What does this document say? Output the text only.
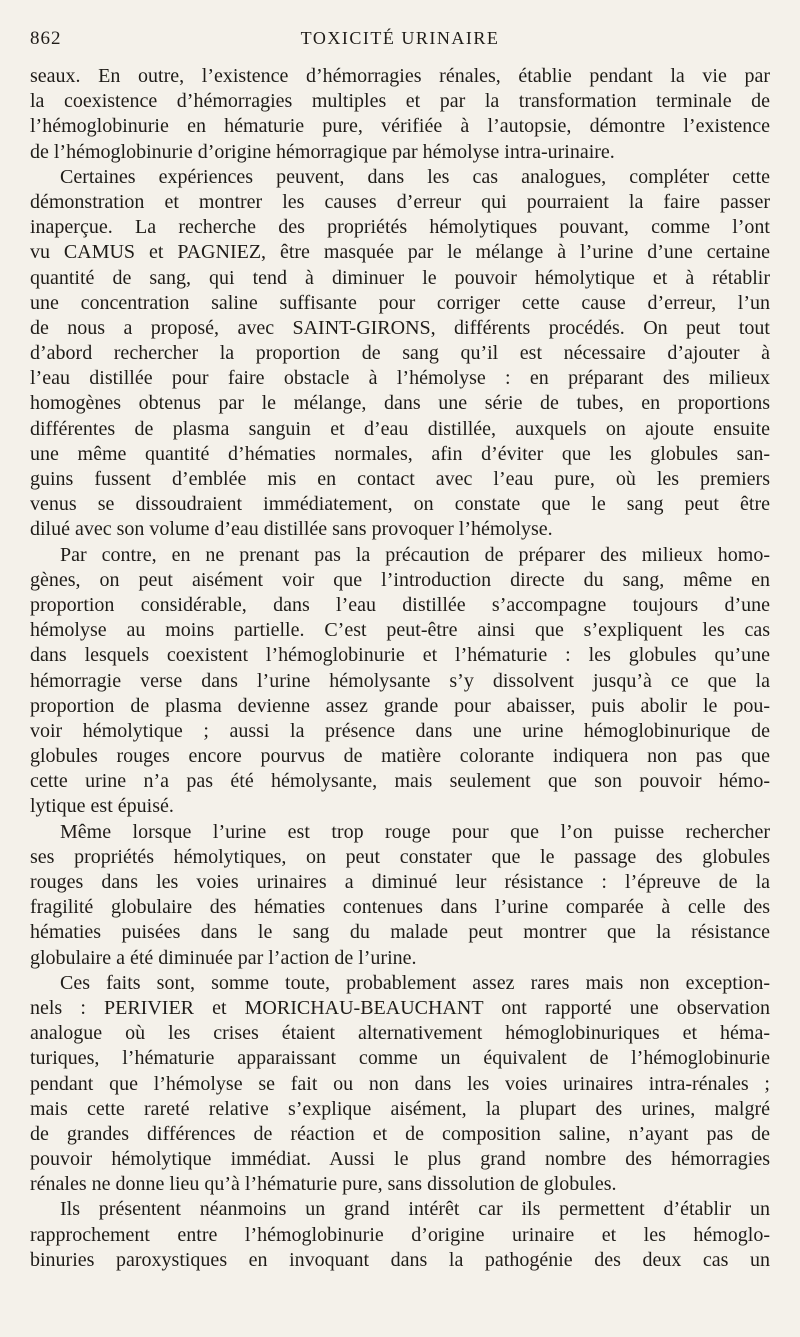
862	TOXICITÉ URINAIRE
seaux. En outre, l’existence d’hémorragies rénales, établie pendant la vie par
la coexistence d’hémorragies multiples et par la transformation terminale de
l’hémoglobinurie en hématurie pure, vérifiée à l’autopsie, démontre l’existence
de l’hémoglobinurie d’origine hémorragique par hémolyse intra-urinaire.
Certaines expériences peuvent, dans les cas analogues, compléter cette
démonstration et montrer les causes d’erreur qui pourraient la faire passer
inaperçue. La recherche des propriétés hémolytiques pouvant, comme l’ont
vu CAMUS et PAGNIEZ, être masquée par le mélange à l’urine d’une certaine
quantité de sang, qui tend à diminuer le pouvoir hémolytique et à rétablir
une concentration saline suffisante pour corriger cette cause d’erreur, l’un
de nous a proposé, avec SAINT-GIRONS, différents procédés. On peut tout
d’abord rechercher la proportion de sang qu’il est nécessaire d’ajouter à
l’eau distillée pour faire obstacle à l’hémolyse : en préparant des milieux
homogènes obtenus par le mélange, dans une série de tubes, en proportions
différentes de plasma sanguin et d’eau distillée, auxquels on ajoute ensuite
une même quantité d’hématies normales, afin d’éviter que les globules san-
guins fussent d’emblée mis en contact avec l’eau pure, où les premiers
venus se dissoudraient immédiatement, on constate que le sang peut être
dilué avec son volume d’eau distillée sans provoquer l’hémolyse.
Par contre, en ne prenant pas la précaution de préparer des milieux homo-
gènes, on peut aisément voir que l’introduction directe du sang, même en
proportion considérable, dans l’eau distillée s’accompagne toujours d’une
hémolyse au moins partielle. C’est peut-être ainsi que s’expliquent les cas
dans lesquels coexistent l’hémoglobinurie et l’hématurie : les globules qu’une
hémorragie verse dans l’urine hémolysante s’y dissolvent jusqu’à ce que la
proportion de plasma devienne assez grande pour abaisser, puis abolir le pou-
voir hémolytique ; aussi la présence dans une urine hémoglobinurique de
globules rouges encore pourvus de matière colorante indiquera non pas que
cette urine n’a pas été hémolysante, mais seulement que son pouvoir hémo-
lytique est épuisé.
Même lorsque l’urine est trop rouge pour que l’on puisse rechercher
ses propriétés hémolytiques, on peut constater que le passage des globules
rouges dans les voies urinaires a diminué leur résistance : l’épreuve de la
fragilité globulaire des hématies contenues dans l’urine comparée à celle des
hématies puisées dans le sang du malade peut montrer que la résistance
globulaire a été diminuée par l’action de l’urine.
Ces faits sont, somme toute, probablement assez rares mais non exception-
nels : PERIVIER et MORICHAU-BEAUCHANT ont rapporté une observation
analogue où les crises étaient alternativement hémoglobinuriques et héma-
turiques, l’hématurie apparaissant comme un équivalent de l’hémoglobinurie
pendant que l’hémolyse se fait ou non dans les voies urinaires intra-rénales ;
mais cette rareté relative s’explique aisément, la plupart des urines, malgré
de grandes différences de réaction et de composition saline, n’ayant pas de
pouvoir hémolytique immédiat. Aussi le plus grand nombre des hémorragies
rénales ne donne lieu qu’à l’hématurie pure, sans dissolution de globules.
Ils présentent néanmoins un grand intérêt car ils permettent d’établir un
rapprochement entre l’hémoglobinurie d’origine urinaire et les hémoglo-
binuries paroxystiques en invoquant dans la pathogénie des deux cas un
